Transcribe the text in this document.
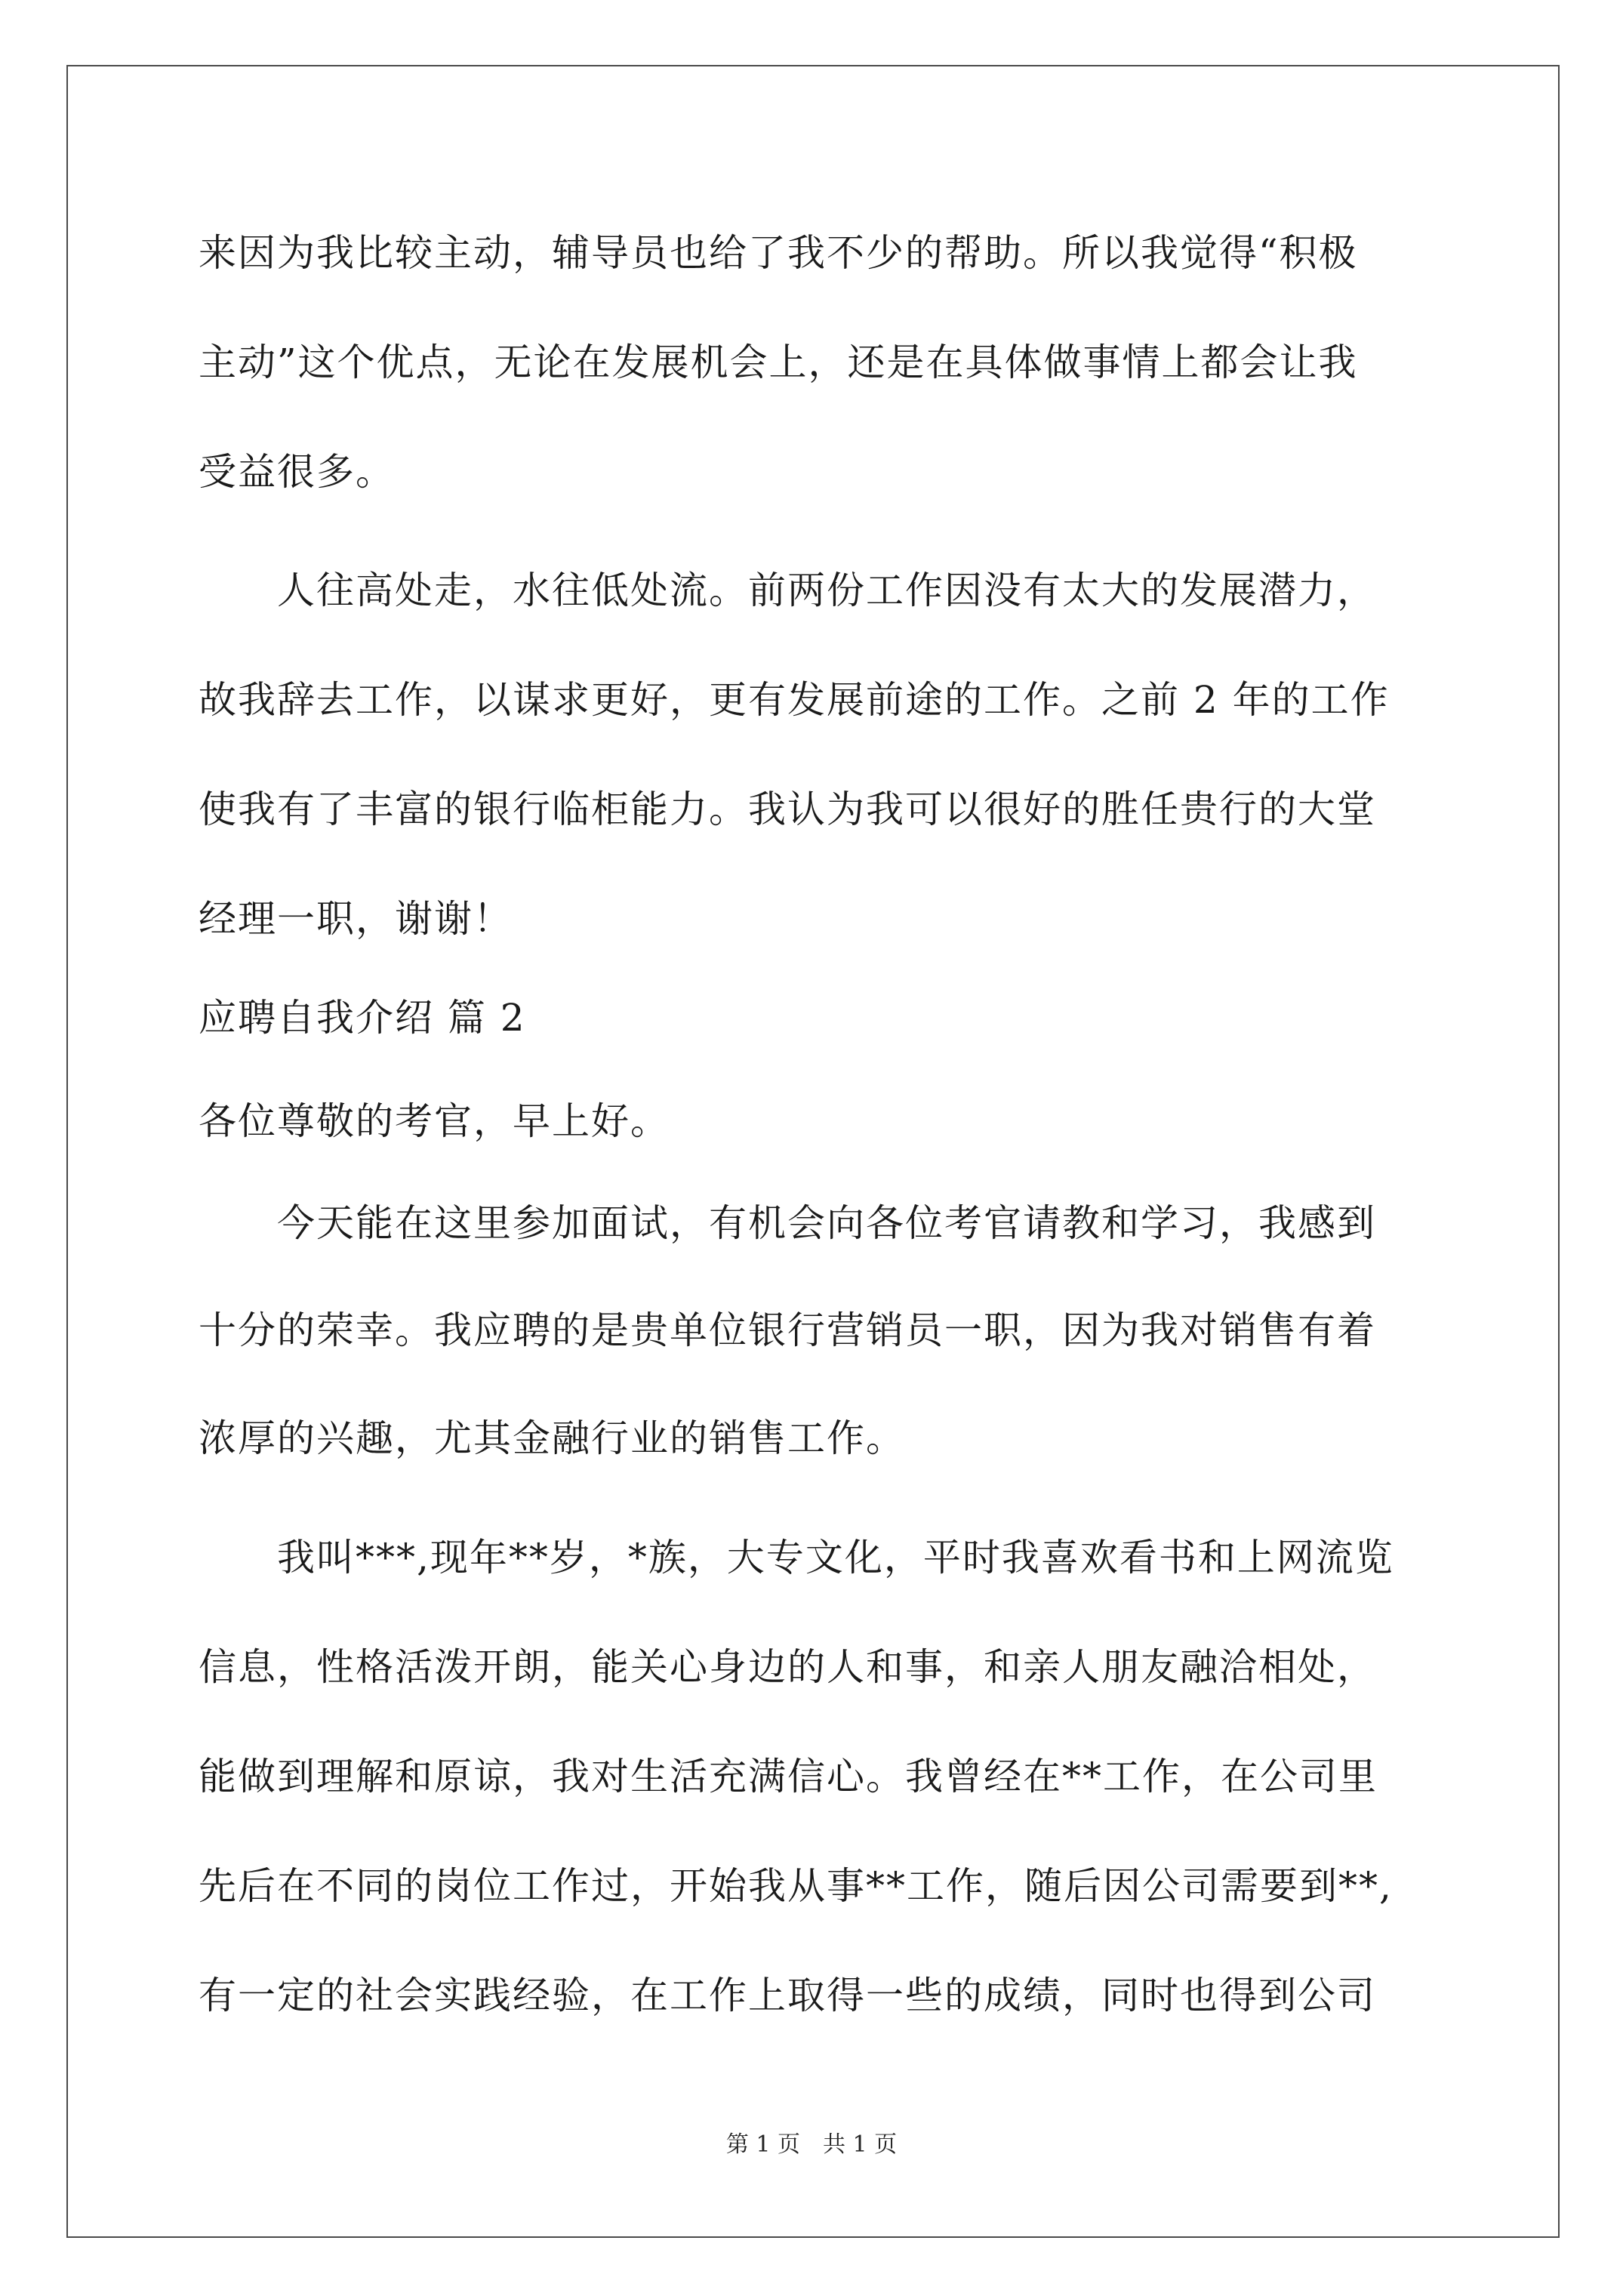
来因为我比较主动，辅导员也给了我不少的帮助。所以我觉得“积极
主动”这个优点，无论在发展机会上，还是在具体做事情上都会让我
受益很多。
　　人往高处走，水往低处流。前两份工作因没有太大的发展潜力，
故我辞去工作，以谋求更好，更有发展前途的工作。之前 2 年的工作
使我有了丰富的银行临柜能力。我认为我可以很好的胜任贵行的大堂
经理一职，谢谢！
应聘自我介绍 篇 2
各位尊敬的考官，早上好。
　　今天能在这里参加面试，有机会向各位考官请教和学习，我感到
十分的荣幸。我应聘的是贵单位银行营销员一职，因为我对销售有着
浓厚的兴趣，尤其金融行业的销售工作。
　　我叫***,现年**岁，*族，大专文化，平时我喜欢看书和上网流览
信息，性格活泼开朗，能关心身边的人和事，和亲人朋友融洽相处，
能做到理解和原谅，我对生活充满信心。我曾经在**工作，在公司里
先后在不同的岗位工作过，开始我从事**工作，随后因公司需要到**,
有一定的社会实践经验，在工作上取得一些的成绩，同时也得到公司
第 1 页　共 1 页
